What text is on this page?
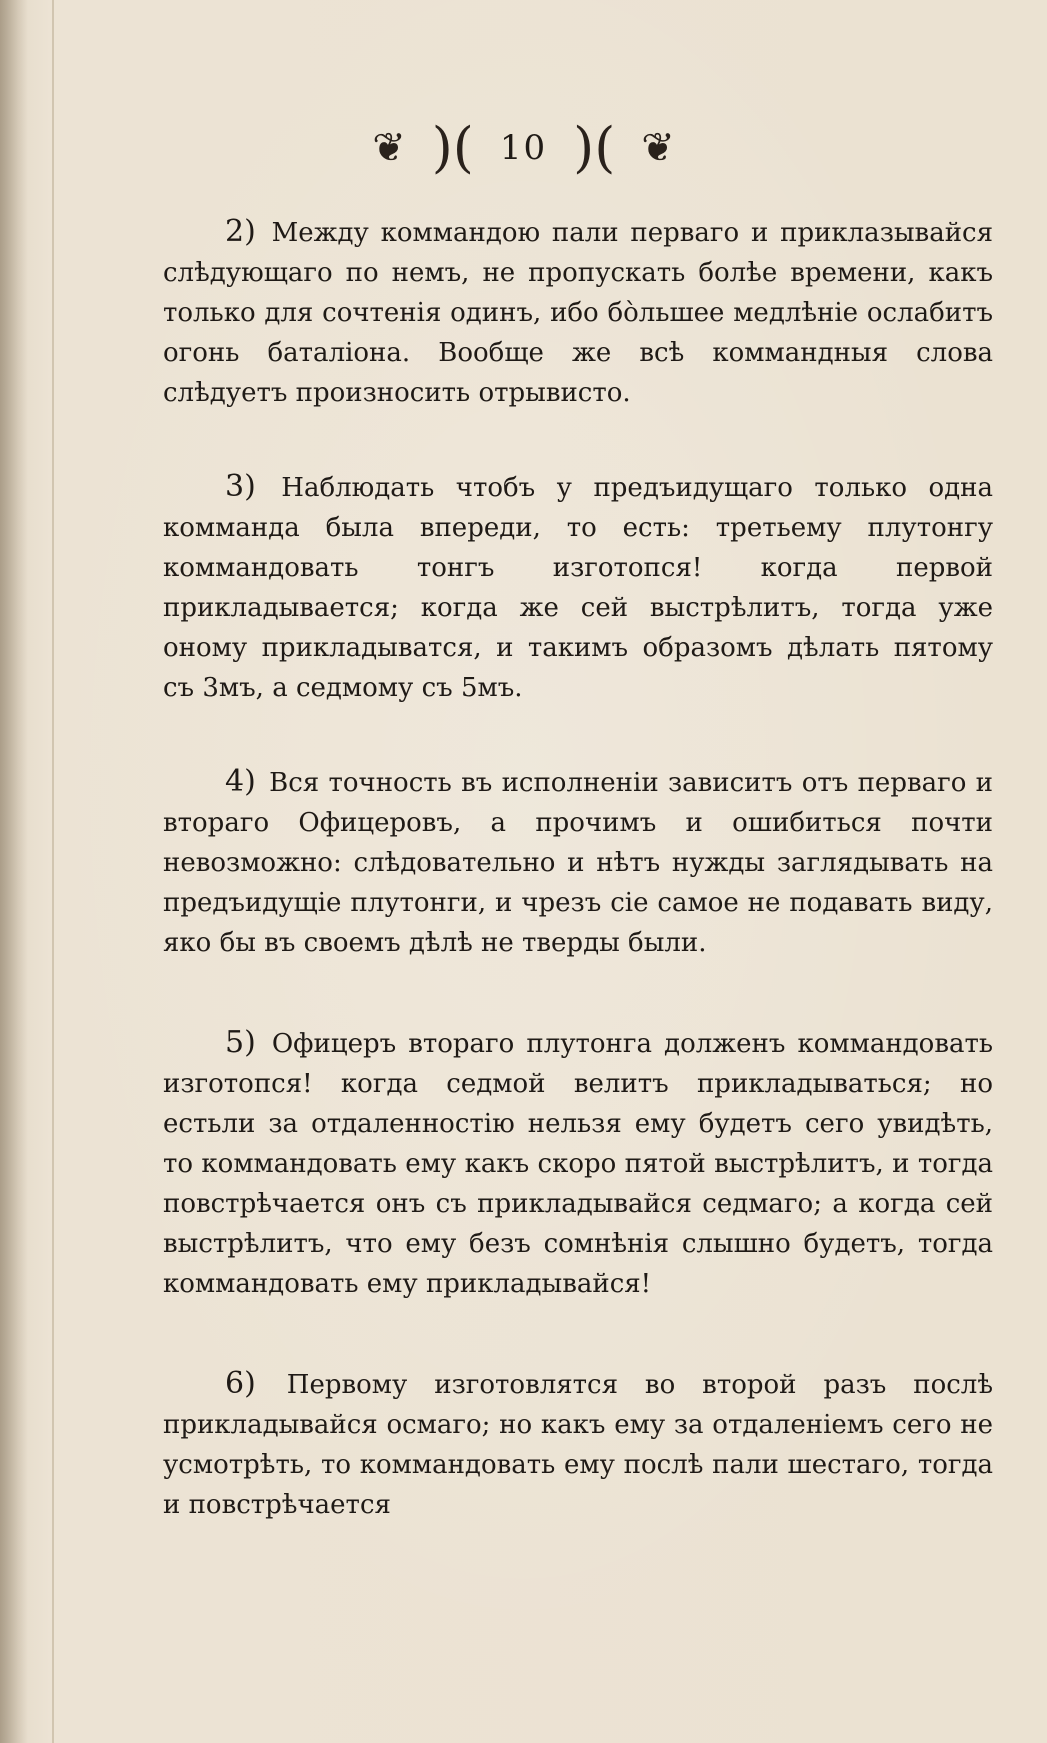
❦ )( 10 )( ❦

2) Между коммандою пали перваго и приклазывайся слѣдующаго по немъ, не пропускать болѣе времени, какъ только для сочтенія одинъ, ибо бо̀льшее медлѣніе ослабитъ огонь баталіона. Вообще же всѣ коммандныя слова слѣдуетъ произносить отрывисто.

3) Наблюдать чтобъ у предъидущаго только одна комманда была впереди, то есть: третьему плутонгу коммандовать тонгъ изготопся! когда первой прикладывается; когда же сей выстрѣлитъ, тогда уже оному прикладыватся, и такимъ образомъ дѣлать пятому съ 3мъ, а седмому съ 5мъ.

4) Вся точность въ исполненіи зависитъ отъ перваго и втораго Офицеровъ, а прочимъ и ошибиться почти невозможно: слѣдовательно и нѣтъ нужды заглядывать на предъидущіе плутонги, и чрезъ сіе самое не подавать виду, яко бы въ своемъ дѣлѣ не тверды были.

5) Офицеръ втораго плутонга долженъ коммандовать изготопся! когда седмой велитъ прикладываться; но естьли за отдаленностію нельзя ему будетъ сего увидѣть, то коммандовать ему какъ скоро пятой выстрѣлитъ, и тогда повстрѣчается онъ съ прикладывайся седмаго; а когда сей выстрѣлитъ, что ему безъ сомнѣнія слышно будетъ, тогда коммандовать ему прикладывайся!

6) Первому изготовлятся во второй разъ послѣ прикладывайся осмаго; но какъ ему за отдаленіемъ сего не усмотрѣть, то коммандовать ему послѣ пали шестаго, тогда и повстрѣчается
